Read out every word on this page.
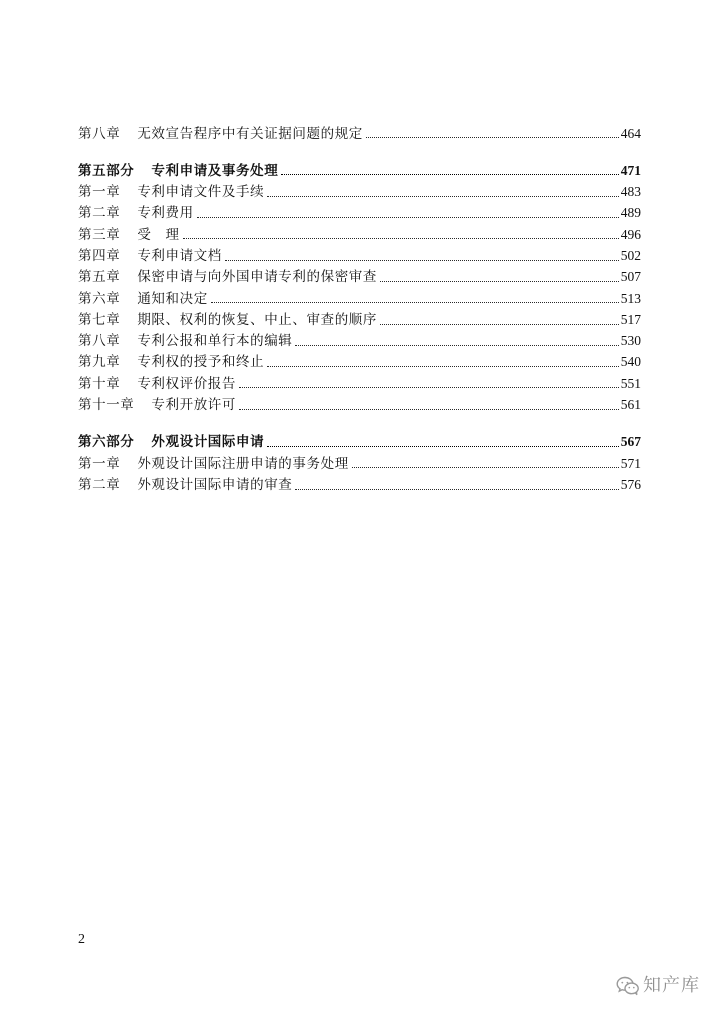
第八章 无效宣告程序中有关证据问题的规定	464
第五部分 专利申请及事务处理	471
第一章 专利申请文件及手续	483
第二章 专利费用	489
第三章 受　理	496
第四章 专利申请文档	502
第五章 保密申请与向外国申请专利的保密审查	507
第六章 通知和决定	513
第七章 期限、权利的恢复、中止、审查的顺序	517
第八章 专利公报和单行本的编辑	530
第九章 专利权的授予和终止	540
第十章 专利权评价报告	551
第十一章 专利开放许可	561
第六部分 外观设计国际申请	567
第一章 外观设计国际注册申请的事务处理	571
第二章 外观设计国际申请的审查	576
2
知产库
